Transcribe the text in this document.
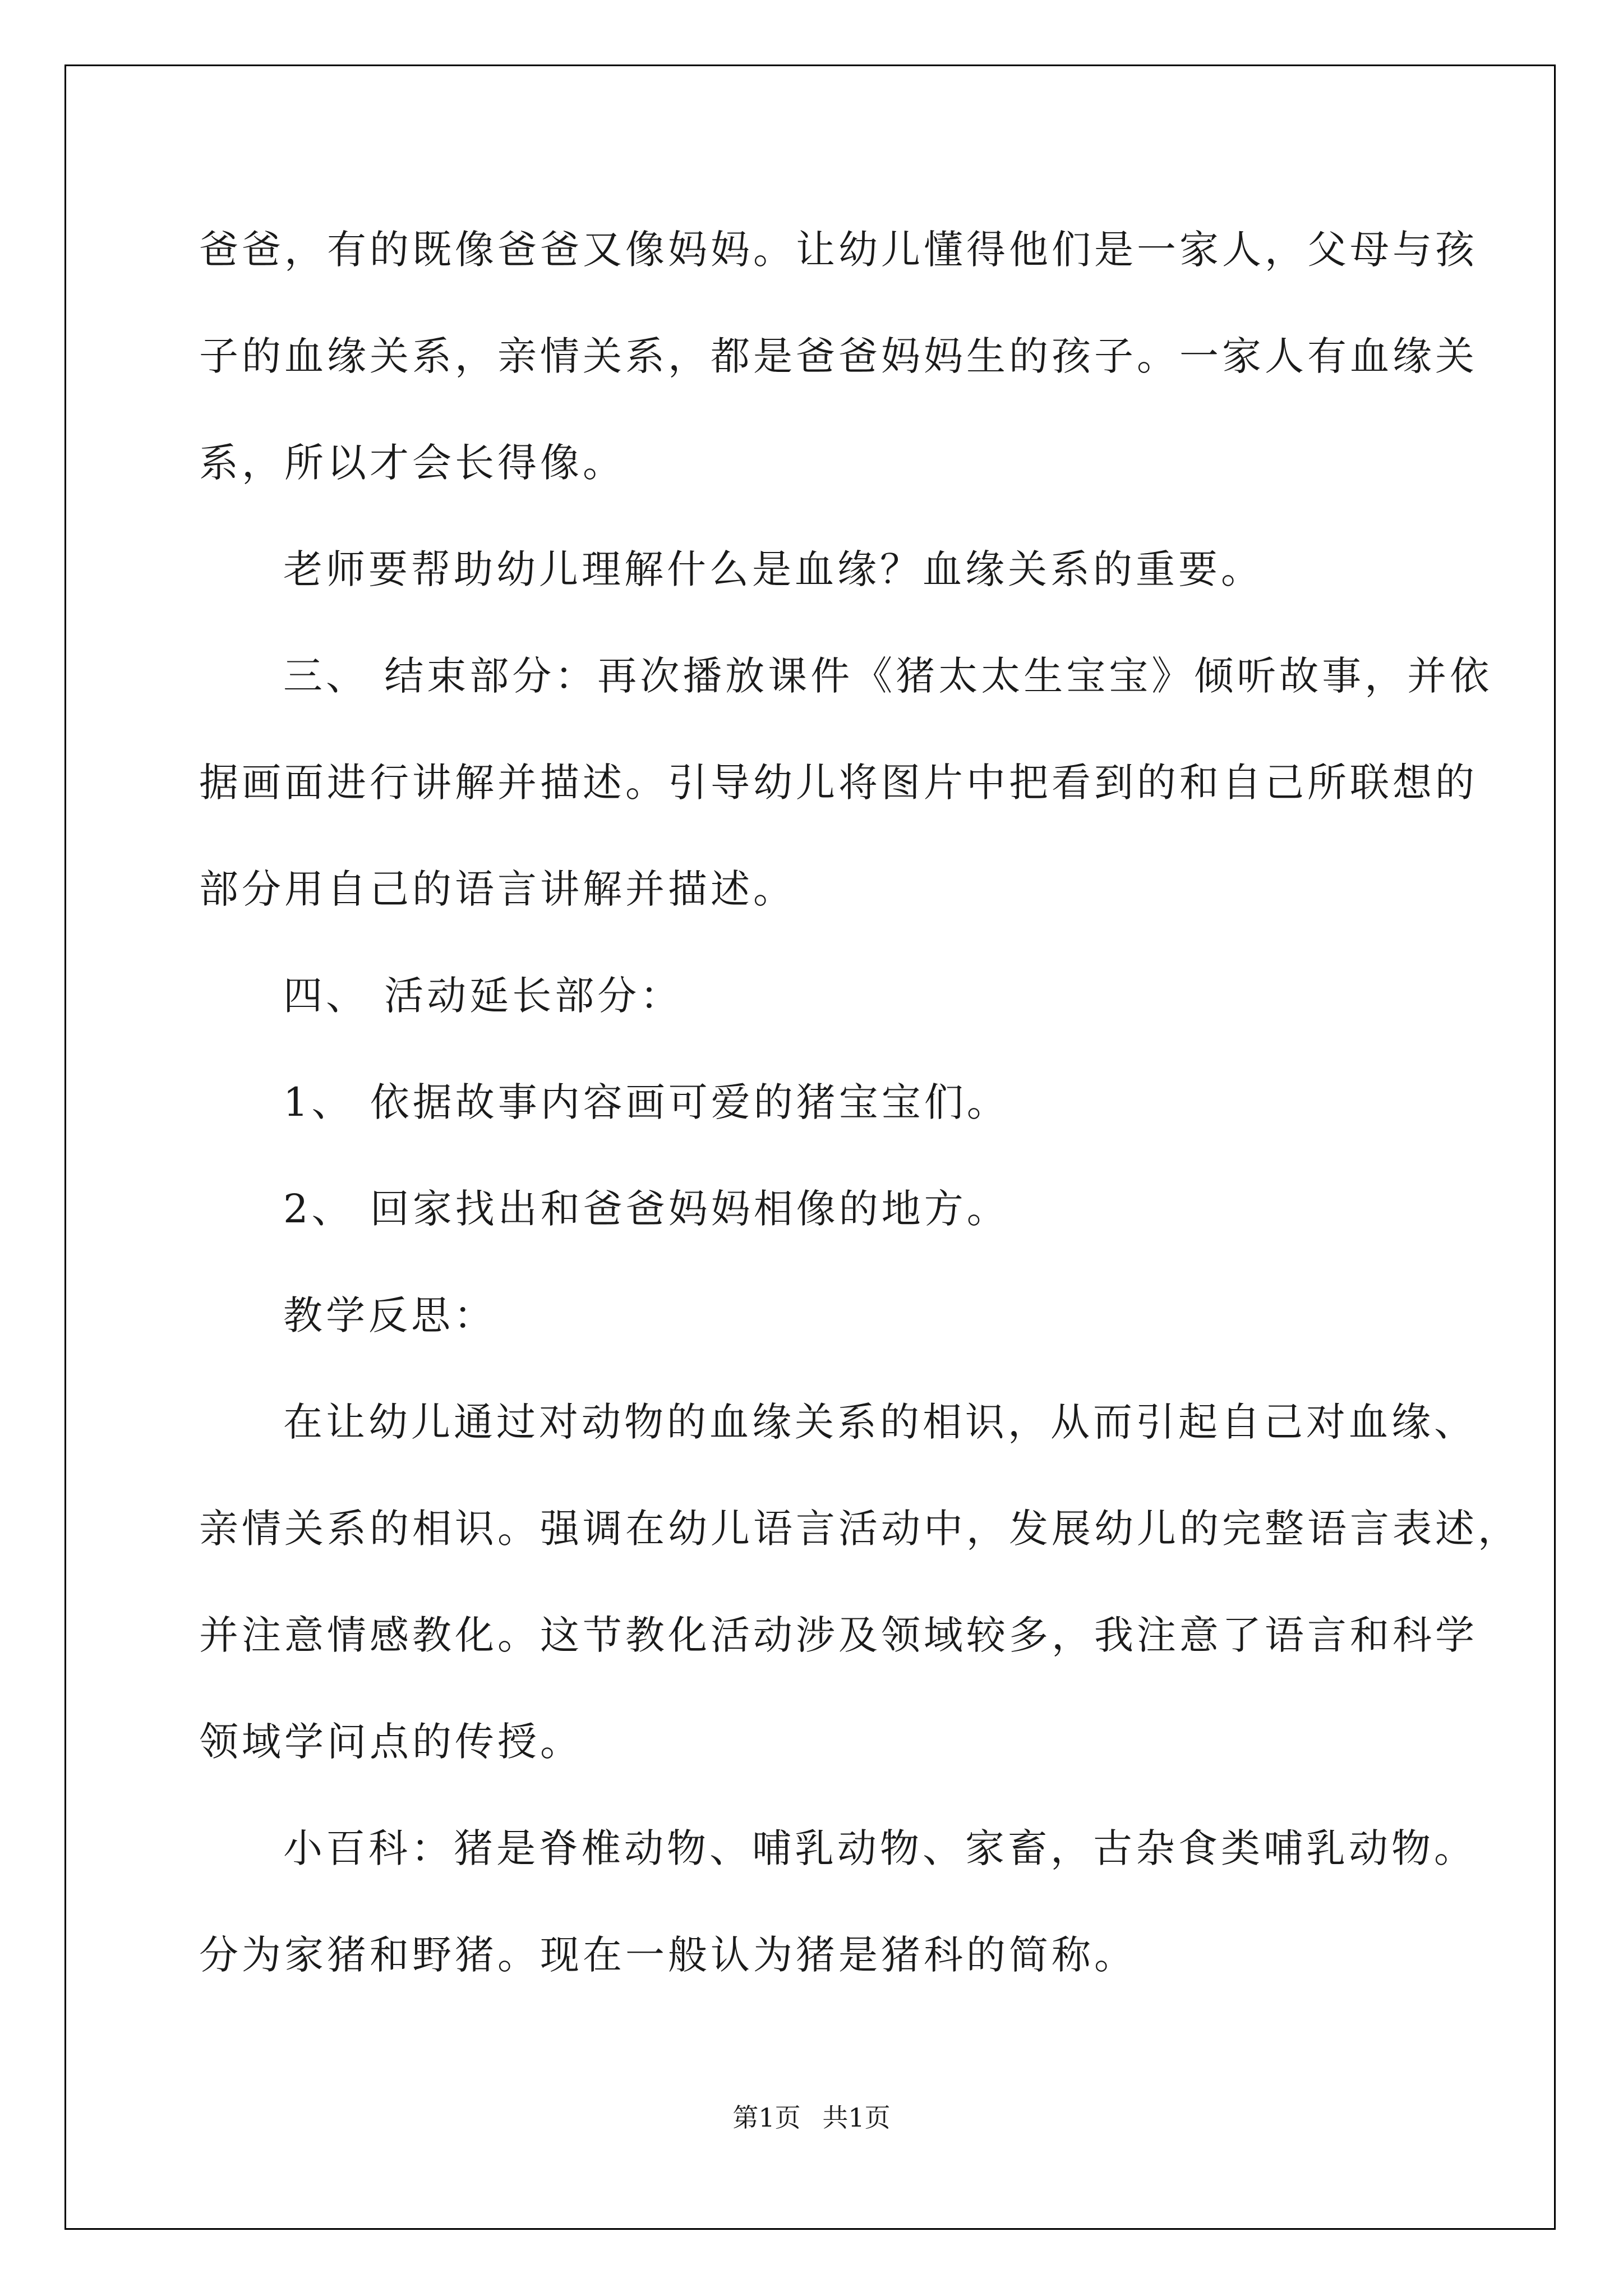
爸爸，有的既像爸爸又像妈妈。让幼儿懂得他们是一家人，父母与孩

子的血缘关系，亲情关系，都是爸爸妈妈生的孩子。一家人有血缘关

系，所以才会长得像。

老师要帮助幼儿理解什么是血缘？血缘关系的重要。

三、 结束部分：再次播放课件《猪太太生宝宝》倾听故事，并依

据画面进行讲解并描述。引导幼儿将图片中把看到的和自己所联想的

部分用自己的语言讲解并描述。

四、 活动延长部分：

1、 依据故事内容画可爱的猪宝宝们。

2、 回家找出和爸爸妈妈相像的地方。

教学反思：

在让幼儿通过对动物的血缘关系的相识，从而引起自己对血缘、

亲情关系的相识。强调在幼儿语言活动中，发展幼儿的完整语言表述，

并注意情感教化。这节教化活动涉及领域较多，我注意了语言和科学

领域学问点的传授。

小百科：猪是脊椎动物、哺乳动物、家畜，古杂食类哺乳动物。

分为家猪和野猪。现在一般认为猪是猪科的简称。

第1页 共1页
